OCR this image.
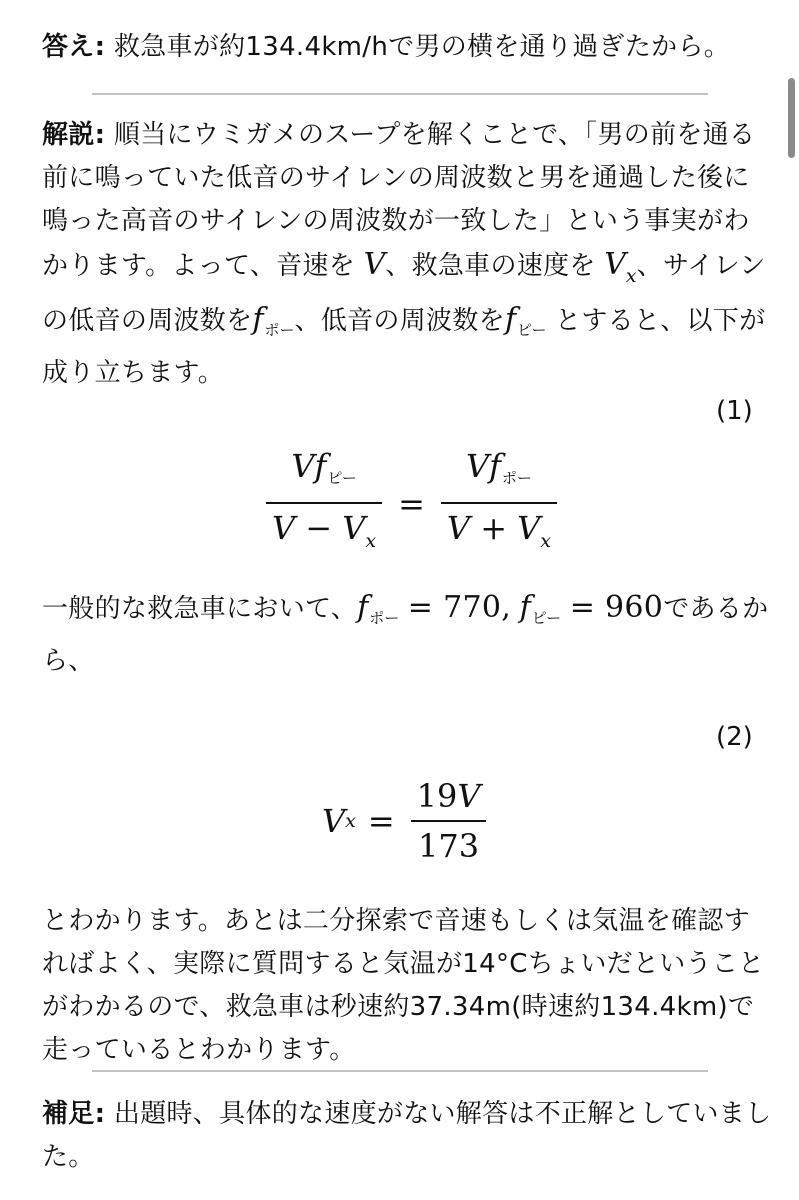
答え: 救急車が約134.4km/hで男の横を通り過ぎたから。
解説: 順当にウミガメのスープを解くことで、「男の前を通る前に鳴っていた低音のサイレンの周波数と男を通過した後に鳴った高音のサイレンの周波数が一致した」という事実がわかります。よって、音速を V、救急車の速度を $V_x$、サイレンの低音の周波数を$f_{ポー}$、低音の周波数を$f_{ピー}$ とすると、以下が成り立ちます。
(1)
$\frac{Vf_{ピー}}{V - V_x} = \frac{Vf_{ポー}}{V + V_x}$
一般的な救急車において、$f_{ポー} = 770$, $f_{ピー} = 960$であるから、
(2)
V $x = \frac{19V}{173}$
とわかります。あとは二分探索で音速もしくは気温を確認すればよく、実際に質問すると気温が14°Cちょいだということがわかるので、救急車は秒速約37.34m(時速約134.4km)で走っているとわかります。
補足: 出題時、具体的な速度がない解答は不正解としていました。
